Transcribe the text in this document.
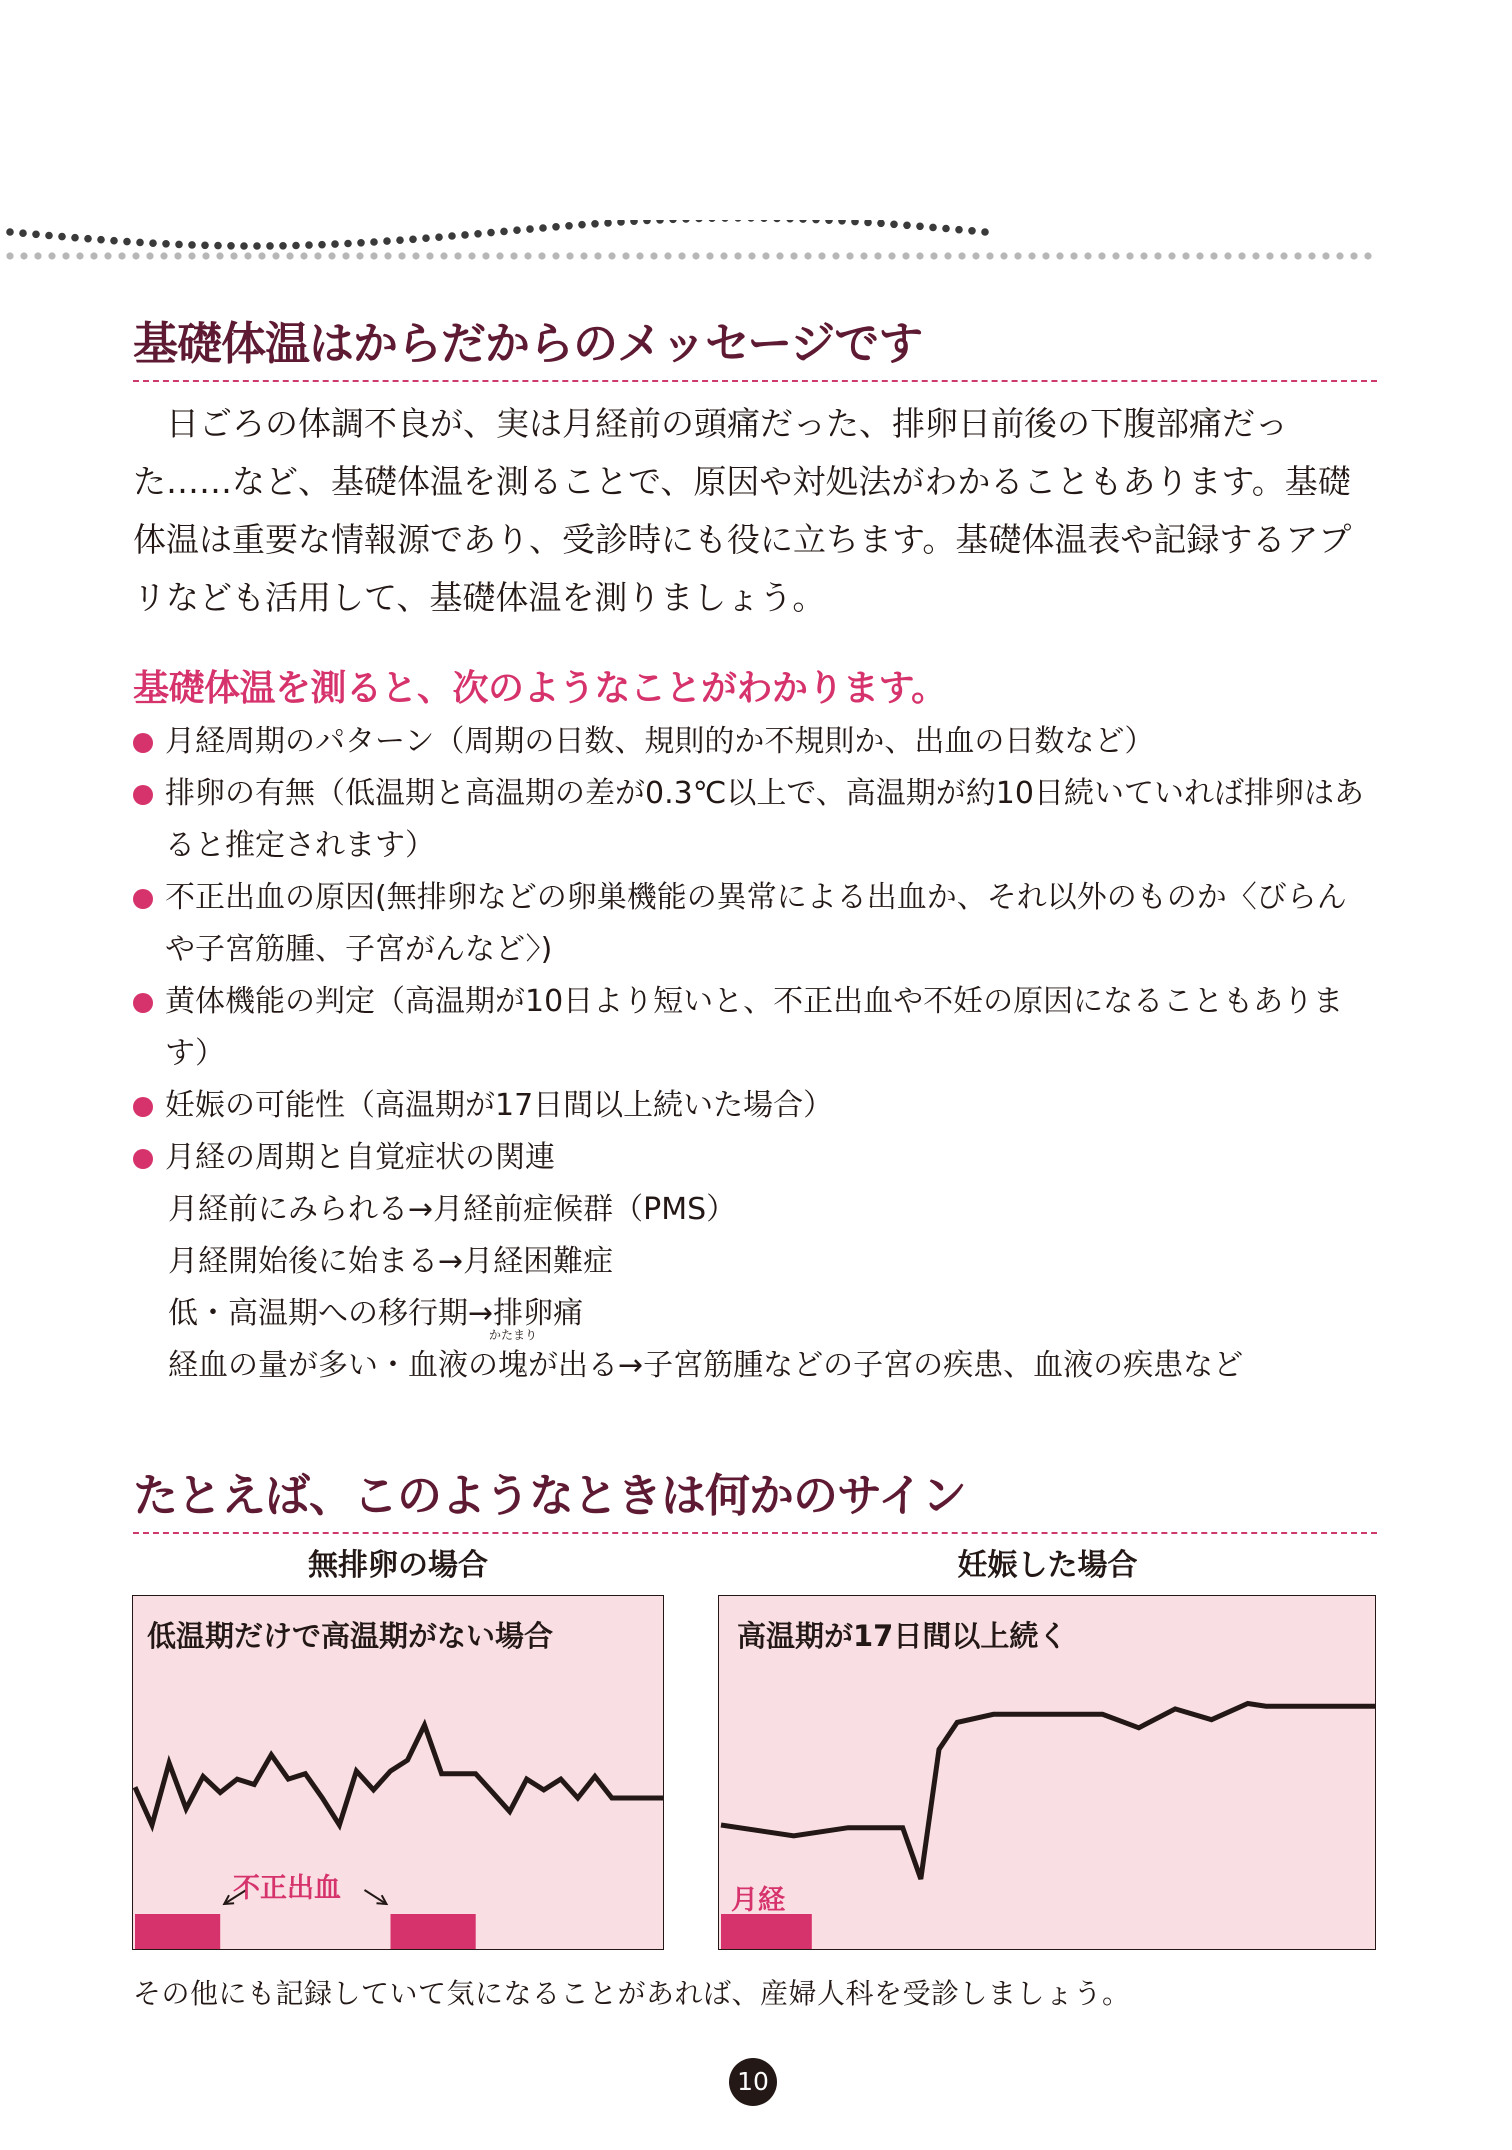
基礎体温はからだからのメッセージです

日ごろの体調不良が、実は月経前の頭痛だった、排卵日前後の下腹部痛だった……など、基礎体温を測ることで、原因や対処法がわかることもあります。基礎体温は重要な情報源であり、受診時にも役に立ちます。基礎体温表や記録するアプリなども活用して、基礎体温を測りましょう。

基礎体温を測ると、次のようなことがわかります。
月経周期のパターン（周期の日数、規則的か不規則か、出血の日数など）
排卵の有無（低温期と高温期の差が0.3℃以上で、高温期が約10日続いていれば排卵はあると推定されます）
不正出血の原因(無排卵などの卵巣機能の異常による出血か、それ以外のものか〈びらんや子宮筋腫、子宮がんなど〉)
黄体機能の判定（高温期が10日より短いと、不正出血や不妊の原因になることもあります）
妊娠の可能性（高温期が17日間以上続いた場合）
月経の周期と自覚症状の関連
月経前にみられる→月経前症候群（PMS）
月経開始後に始まる→月経困難症
低・高温期への移行期→排卵痛
経血の量が多い・血液の
かたまり
塊が出る→子宮筋腫などの子宮の疾患、血液の疾患など
たとえば、このようなときは何かのサイン
無排卵の場合	妊娠した場合
低温期だけで高温期がない場合
不正出血
高温期が17日間以上続く
月経
その他にも記録していて気になることがあれば、産婦人科を受診しましょう。
10
